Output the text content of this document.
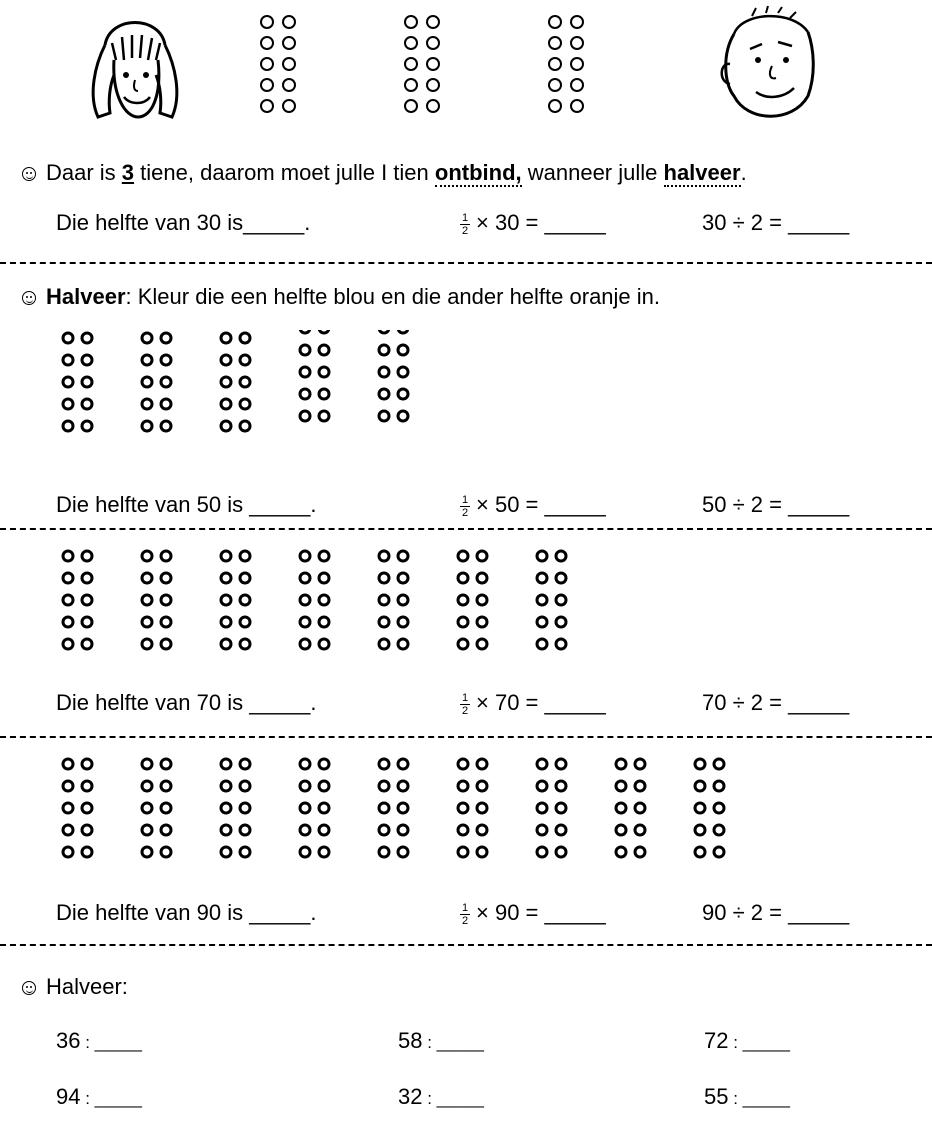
Daar is 3 tiene, daarom moet julle I tien ontbind, wanneer julle halveer.
Die helfte van 30 is_____.	$\frac{1}{2} \times 30$ = _____	30 ÷ 2 = _____
Halveer: Kleur die een helfte blou en die ander helfte oranje in.
Die helfte van 50 is _____.	$\frac{1}{2} \times 50$ = _____	50 ÷ 2 = _____
Die helfte van 70 is _____.	$\frac{1}{2} \times 70$ = _____	70 ÷ 2 = _____
Die helfte van 90 is _____.	$\frac{1}{2} \times 90$ = _____	90 ÷ 2 = _____
Halveer:
36 : _____	58 : _____	72 : _____
94 : _____	32 : _____	55 : _____
